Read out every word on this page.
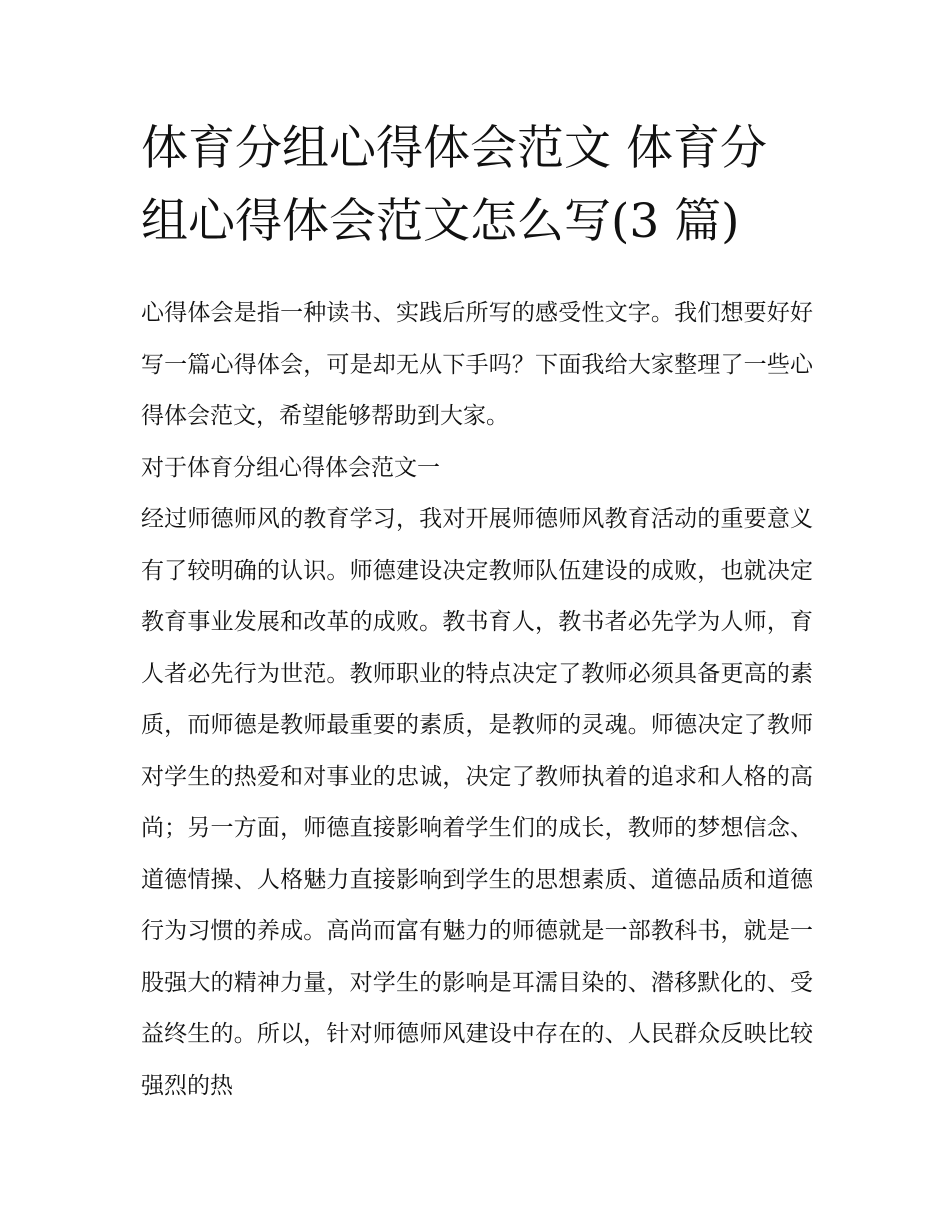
体育分组心得体会范文 体育分组心得体会范文怎么写(3 篇)

心得体会是指一种读书、实践后所写的感受性文字。我们想要好好写一篇心得体会，可是却无从下手吗？下面我给大家整理了一些心得体会范文，希望能够帮助到大家。

对于体育分组心得体会范文一

经过师德师风的教育学习，我对开展师德师风教育活动的重要意义有了较明确的认识。师德建设决定教师队伍建设的成败，也就决定教育事业发展和改革的成败。教书育人，教书者必先学为人师，育人者必先行为世范。教师职业的特点决定了教师必须具备更高的素质，而师德是教师最重要的素质，是教师的灵魂。师德决定了教师对学生的热爱和对事业的忠诚，决定了教师执着的追求和人格的高尚；另一方面，师德直接影响着学生们的成长，教师的梦想信念、道德情操、人格魅力直接影响到学生的思想素质、道德品质和道德行为习惯的养成。高尚而富有魅力的师德就是一部教科书，就是一股强大的精神力量，对学生的影响是耳濡目染的、潜移默化的、受益终生的。所以，针对师德师风建设中存在的、人民群众反映比较强烈的热
